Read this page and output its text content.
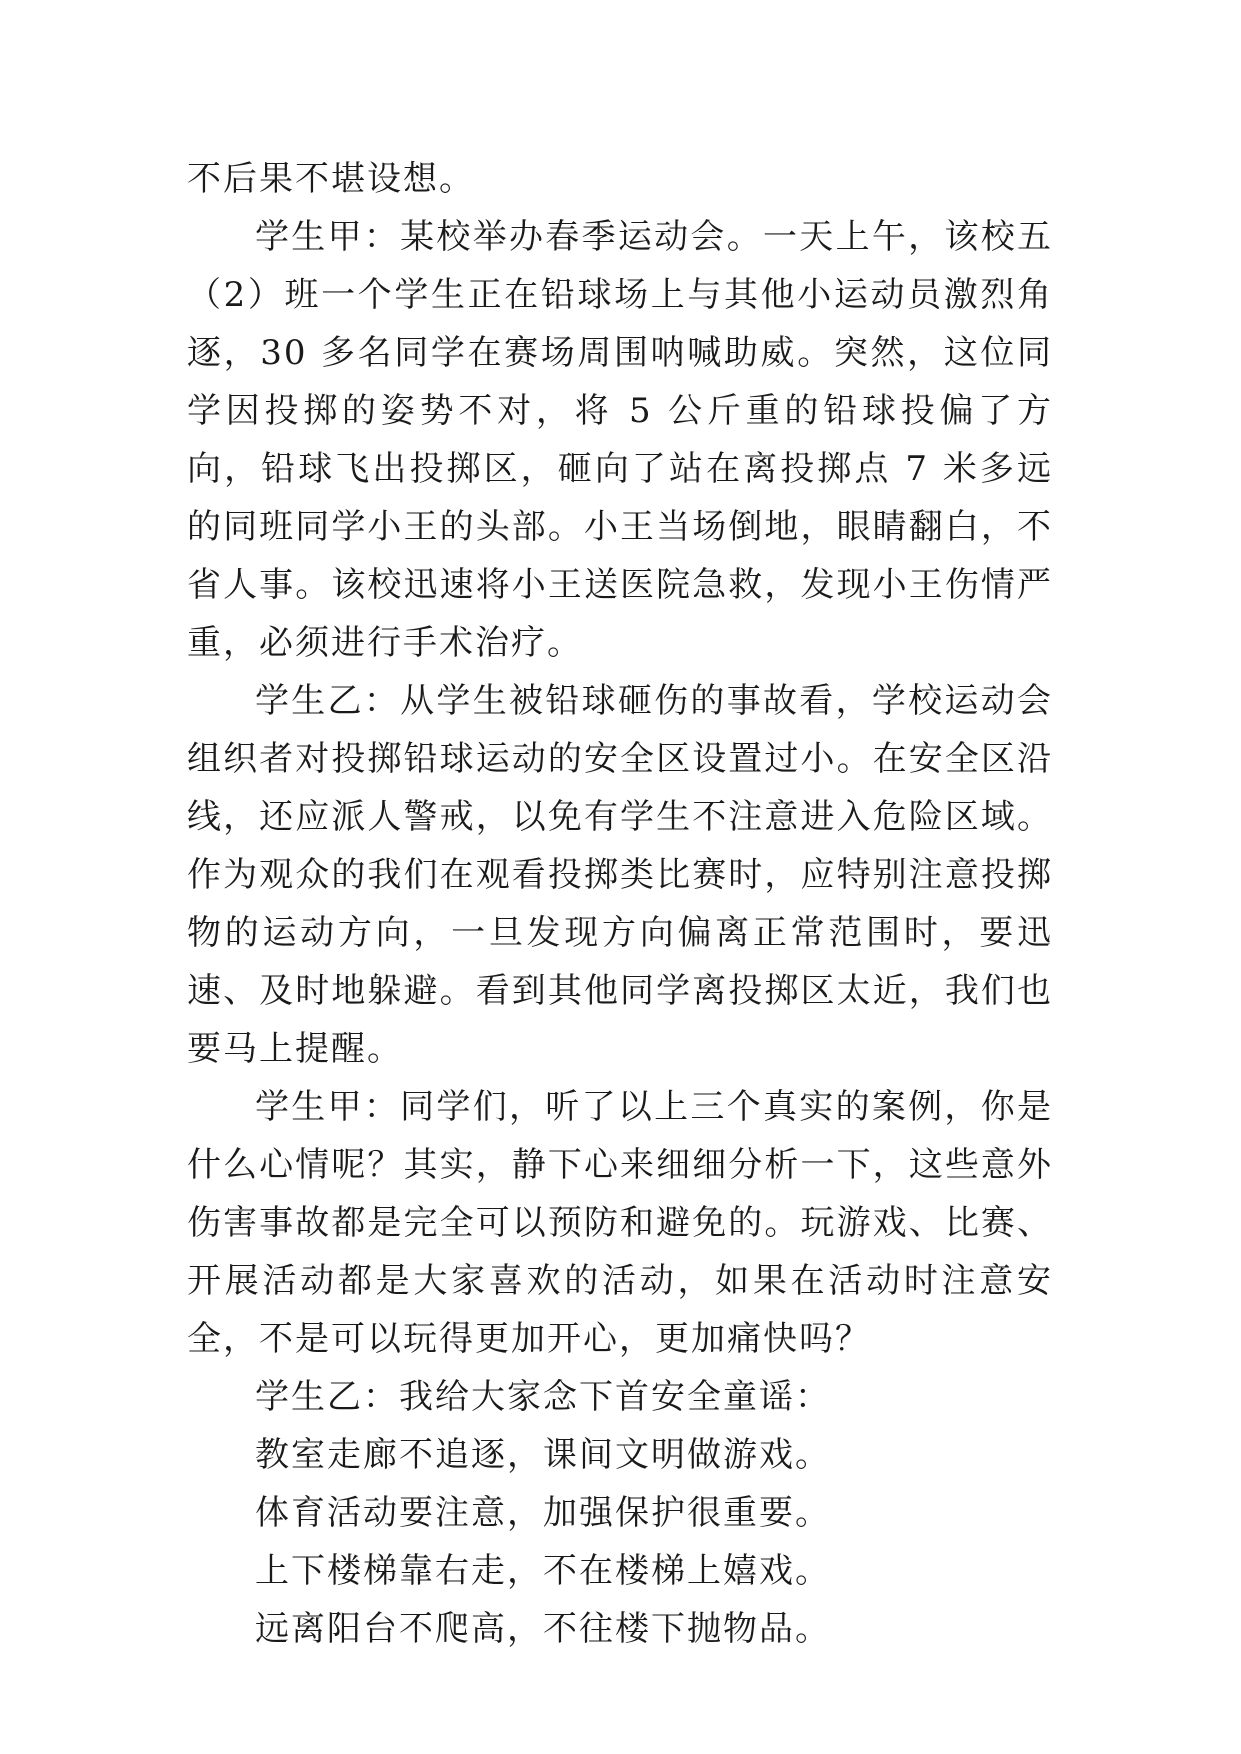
不后果不堪设想。

学生甲：某校举办春季运动会。一天上午，该校五（2）班一个学生正在铅球场上与其他小运动员激烈角逐，30 多名同学在赛场周围呐喊助威。突然，这位同学因投掷的姿势不对，将 5 公斤重的铅球投偏了方向，铅球飞出投掷区，砸向了站在离投掷点 7 米多远的同班同学小王的头部。小王当场倒地，眼睛翻白，不省人事。该校迅速将小王送医院急救，发现小王伤情严重，必须进行手术治疗。

学生乙：从学生被铅球砸伤的事故看，学校运动会组织者对投掷铅球运动的安全区设置过小。在安全区沿线，还应派人警戒，以免有学生不注意进入危险区域。作为观众的我们在观看投掷类比赛时，应特别注意投掷物的运动方向，一旦发现方向偏离正常范围时，要迅速、及时地躲避。看到其他同学离投掷区太近，我们也要马上提醒。

学生甲：同学们，听了以上三个真实的案例，你是什么心情呢？其实，静下心来细细分析一下，这些意外伤害事故都是完全可以预防和避免的。玩游戏、比赛、开展活动都是大家喜欢的活动，如果在活动时注意安全，不是可以玩得更加开心，更加痛快吗？

学生乙：我给大家念下首安全童谣：

教室走廊不追逐，课间文明做游戏。

体育活动要注意，加强保护很重要。

上下楼梯靠右走，不在楼梯上嬉戏。

远离阳台不爬高，不往楼下抛物品。
